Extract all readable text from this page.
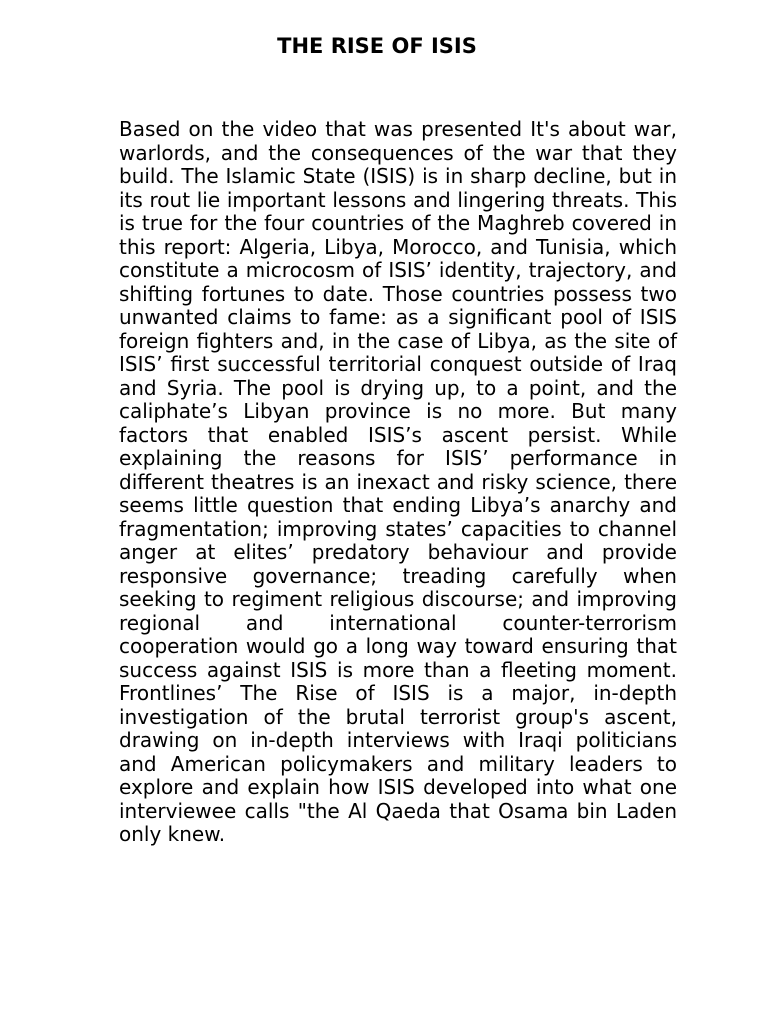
THE RISE OF ISIS

Based on the video that was presented It's about war, warlords, and the consequences of the war that they build. The Islamic State (ISIS) is in sharp decline, but in its rout lie important lessons and lingering threats. This is true for the four countries of the Maghreb covered in this report: Algeria, Libya, Morocco, and Tunisia, which constitute a microcosm of ISIS’ identity, trajectory, and shifting fortunes to date. Those countries possess two unwanted claims to fame: as a significant pool of ISIS foreign fighters and, in the case of Libya, as the site of ISIS’ first successful territorial conquest outside of Iraq and Syria. The pool is drying up, to a point, and the caliphate’s Libyan province is no more. But many factors that enabled ISIS’s ascent persist. While explaining the reasons for ISIS’ performance in different theatres is an inexact and risky science, there seems little question that ending Libya’s anarchy and fragmentation; improving states’ capacities to channel anger at elites’ predatory behaviour and provide responsive governance; treading carefully when seeking to regiment religious discourse; and improving regional and international counter-terrorism cooperation would go a long way toward ensuring that success against ISIS is more than a fleeting moment. Frontlines’ The Rise of ISIS is a major, in-depth investigation of the brutal terrorist group's ascent, drawing on in-depth interviews with Iraqi politicians and American policymakers and military leaders to explore and explain how ISIS developed into what one interviewee calls "the Al Qaeda that Osama bin Laden only knew.
